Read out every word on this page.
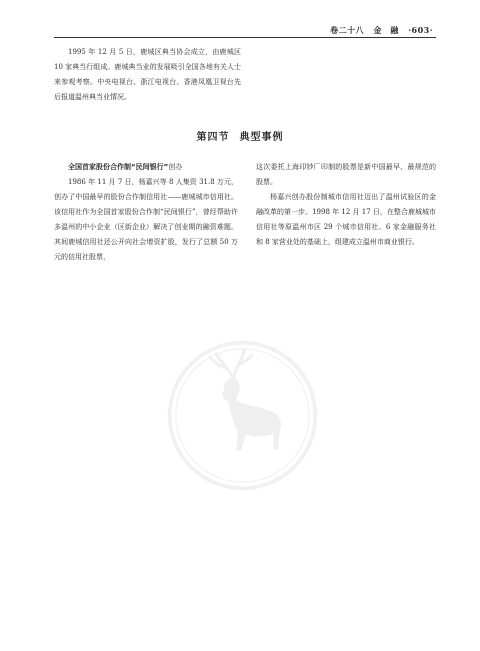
卷二十八 金　融 ·603·

1995 年 12 月 5 日，鹿城区典当协会成立，由鹿城区 10 家典当行组成。鹿城典当业的发展吸引全国各地有关人士来参观考察。中央电视台、浙江电视台、香港凤凰卫视台先后报道温州典当业情况。

第四节 典型事例

全国首家股份合作制“民间银行”创办

1986 年 11 月 7 日，杨嘉兴等 8 人集资 31.8 万元，创办了中国最早的股份合作制信用社——鹿城城市信用社。该信用社作为全国首家股份合作制“民间银行”，曾经帮助许多温州的中小企业（区街企业）解决了创业期的融资难题。其间鹿城信用社还公开向社会增资扩股，发行了总额 50 万元的信用社股票，

这次委托上海印钞厂印制的股票是新中国最早、最规范的股票。

杨嘉兴创办股份制城市信用社迈出了温州试验区的金融改革的第一步。1998 年 12 月 17 日，在整合鹿城城市信用社等原温州市区 29 个城市信用社、6 家金融服务社和 8 家营业处的基础上，组建成立温州市商业银行。
